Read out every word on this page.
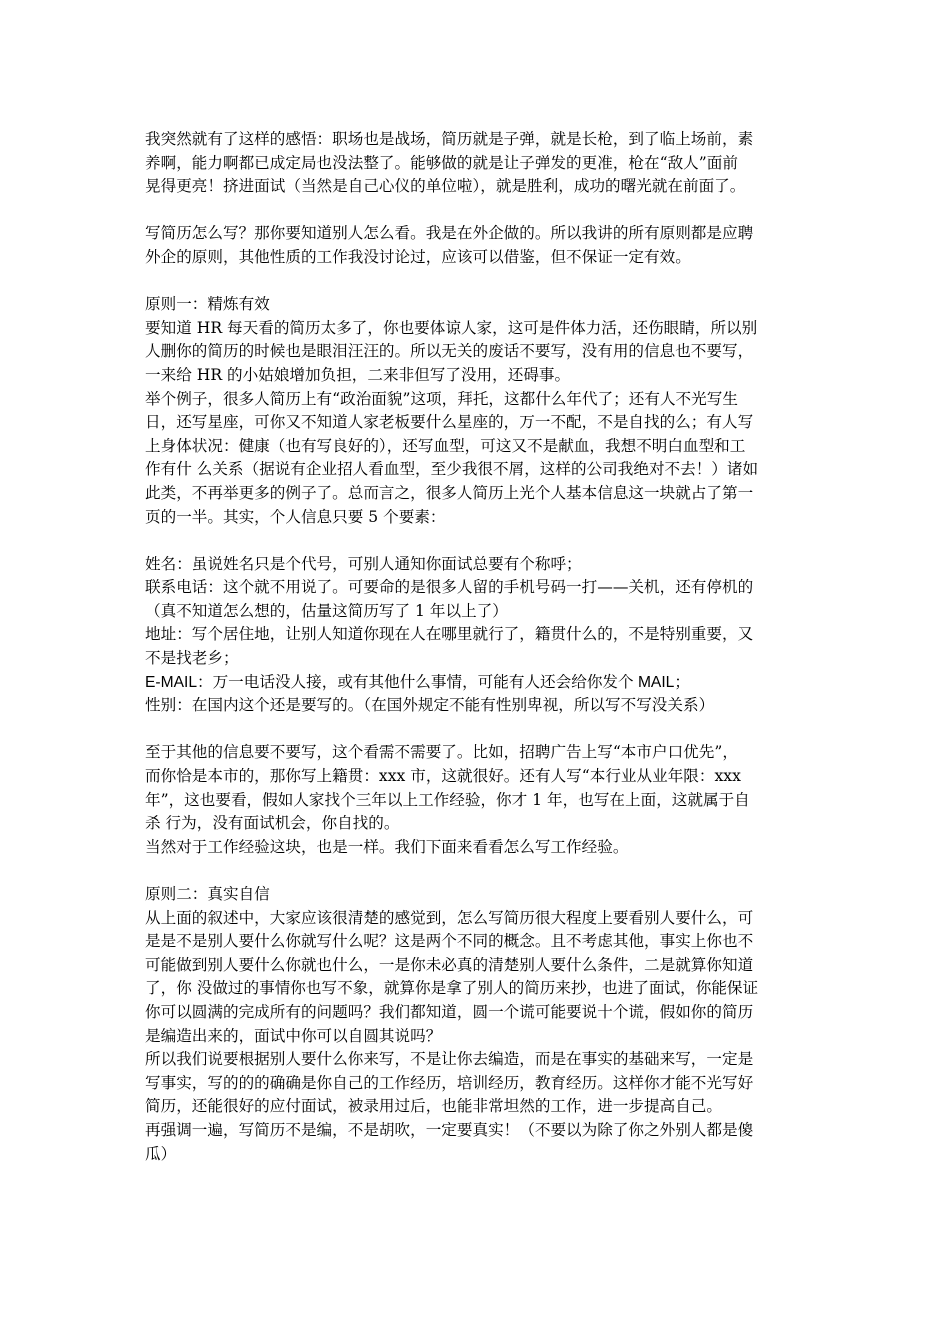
我突然就有了这样的感悟：职场也是战场，简历就是子弹，就是长枪，到了临上场前，素
养啊，能力啊都已成定局也没法整了。能够做的就是让子弹发的更准，枪在“敌人”面前
晃得更亮！挤进面试（当然是自己心仪的单位啦），就是胜利，成功的曙光就在前面了。
写简历怎么写？那你要知道别人怎么看。我是在外企做的。所以我讲的所有原则都是应聘
外企的原则，其他性质的工作我没讨论过，应该可以借鉴，但不保证一定有效。
原则一：精炼有效
要知道 HR 每天看的简历太多了，你也要体谅人家，这可是件体力活，还伤眼睛，所以别
人删你的简历的时候也是眼泪汪汪的。所以无关的废话不要写，没有用的信息也不要写，
一来给 HR 的小姑娘增加负担，二来非但写了没用，还碍事。
举个例子，很多人简历上有“政治面貌”这项，拜托，这都什么年代了；还有人不光写生
日，还写星座，可你又不知道人家老板要什么星座的，万一不配，不是自找的么；有人写
上身体状况：健康（也有写良好的），还写血型，可这又不是献血，我想不明白血型和工
作有什 么关系（据说有企业招人看血型，至少我很不屑，这样的公司我绝对不去！）诸如
此类，不再举更多的例子了。总而言之，很多人简历上光个人基本信息这一块就占了第一
页的一半。其实，个人信息只要 5 个要素：
姓名：虽说姓名只是个代号，可别人通知你面试总要有个称呼；
联系电话：这个就不用说了。可要命的是很多人留的手机号码一打——关机，还有停机的
（真不知道怎么想的，估量这简历写了 1 年以上了）
地址：写个居住地，让别人知道你现在人在哪里就行了，籍贯什么的，不是特别重要，又
不是找老乡；
E-MAIL：万一电话没人接，或有其他什么事情，可能有人还会给你发个 MAIL；
性别：在国内这个还是要写的。（在国外规定不能有性别卑视，所以写不写没关系）
至于其他的信息要不要写，这个看需不需要了。比如，招聘广告上写“本市户口优先”，
而你恰是本市的，那你写上籍贯：xxx 市，这就很好。还有人写“本行业从业年限：xxx
年”，这也要看，假如人家找个三年以上工作经验，你才 1 年，也写在上面，这就属于自
杀 行为，没有面试机会，你自找的。
当然对于工作经验这块，也是一样。我们下面来看看怎么写工作经验。
原则二：真实自信
从上面的叙述中，大家应该很清楚的感觉到，怎么写简历很大程度上要看别人要什么，可
是是不是别人要什么你就写什么呢？这是两个不同的概念。且不考虑其他，事实上你也不
可能做到别人要什么你就也什么，一是你未必真的清楚别人要什么条件，二是就算你知道
了，你 没做过的事情你也写不象，就算你是拿了别人的简历来抄，也进了面试，你能保证
你可以圆满的完成所有的问题吗？我们都知道，圆一个谎可能要说十个谎，假如你的简历
是编造出来的，面试中你可以自圆其说吗？
所以我们说要根据别人要什么你来写，不是让你去编造，而是在事实的基础来写，一定是
写事实，写的的的确确是你自己的工作经历，培训经历，教育经历。这样你才能不光写好
简历，还能很好的应付面试，被录用过后，也能非常坦然的工作，进一步提高自己。
再强调一遍，写简历不是编，不是胡吹，一定要真实！（不要以为除了你之外别人都是傻
瓜）
